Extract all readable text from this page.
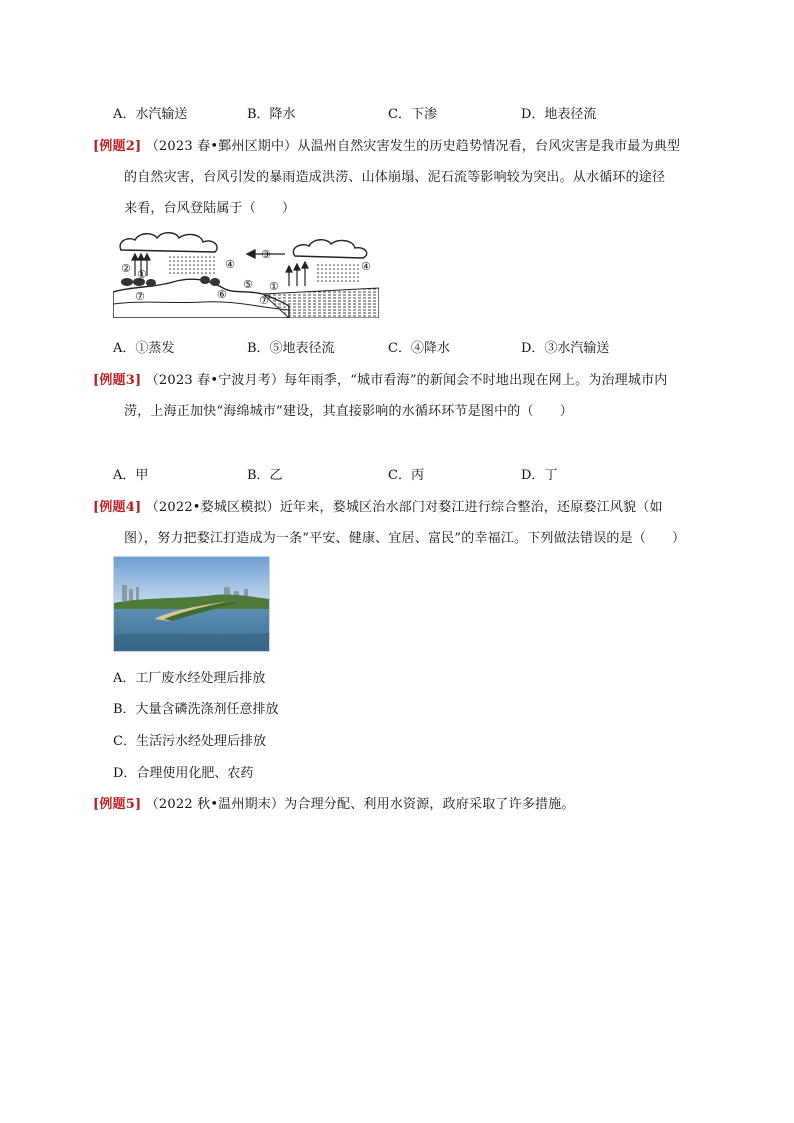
A．水汽输送	B．降水	C．下渗	D．地表径流
[例题2] （2023 春•鄞州区期中）从温州自然灾害发生的历史趋势情况看，台风灾害是我市最为典型
的自然灾害，台风引发的暴雨造成洪涝、山体崩塌、泥石流等影响较为突出。从水循环的途径
来看，台风登陆属于（ ）
② ①
③
④	④
⑤
⑥
⑦	⑦
①
A．①蒸发	B．⑤地表径流	C．④降水	D．③水汽输送
[例题3] （2023 春•宁波月考）每年雨季，“城市看海”的新闻会不时地出现在网上。为治理城市内
涝，上海正加快“海绵城市”建设，其直接影响的水循环环节是图中的（ ）
A．甲	B．乙	C．丙	D．丁
[例题4] （2022•婺城区模拟）近年来，婺城区治水部门对婺江进行综合整治，还原婺江风貌（如
图），努力把婺江打造成为一条“平安、健康、宜居、富民”的幸福江。下列做法错误的是（ ）
A．工厂废水经处理后排放
B．大量含磷洗涤剂任意排放
C．生活污水经处理后排放
D．合理使用化肥、农药
[例题5] （2022 秋•温州期末）为合理分配、利用水资源，政府采取了许多措施。
